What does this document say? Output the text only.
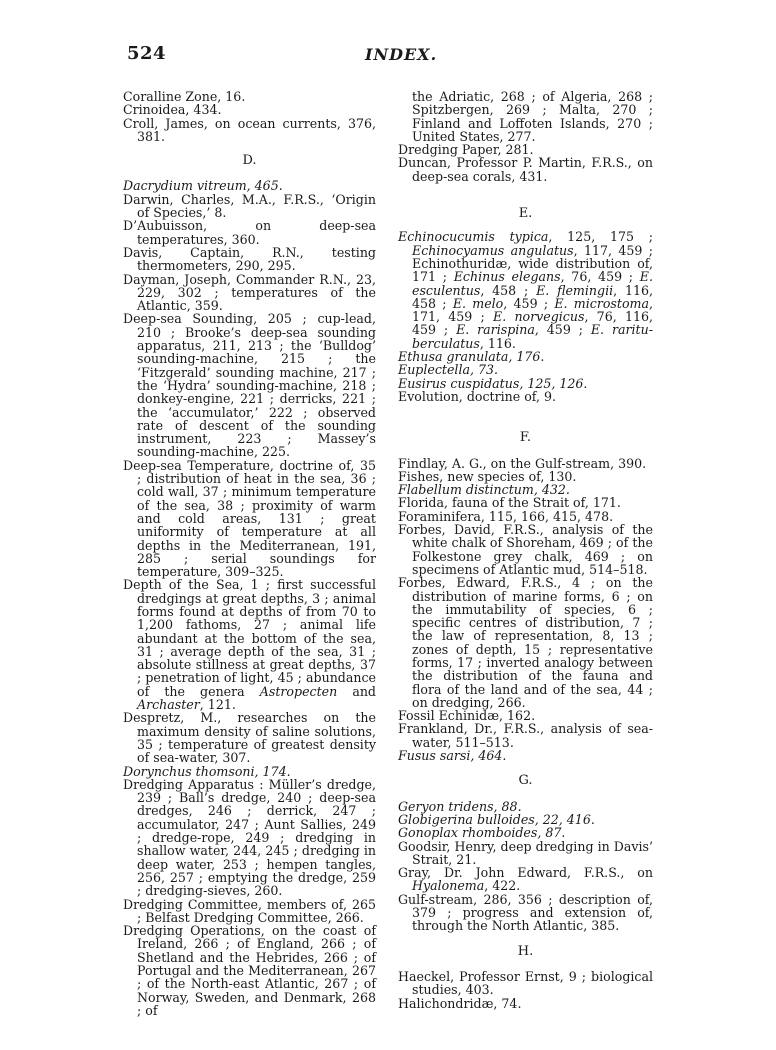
524	INDEX.

Coralline Zone, 16.

Crinoidea, 434.

Croll, James, on ocean currents, 376, 381.

D.

Dacrydium vitreum, 465.

Darwin, Charles, M.A., F.R.S., ‘Origin of Species,’ 8.

D’Aubuisson, on deep-sea temperatures, 360.

Davis, Captain, R.N., testing thermometers, 290, 295.

Dayman, Joseph, Commander R.N., 23, 229, 302 ; temperatures of the Atlantic, 359.

Deep-sea Sounding, 205 ; cup-lead, 210 ; Brooke’s deep-sea sounding apparatus, 211, 213 ; the ‘Bulldog’ sounding-machine, 215 ; the ‘Fitzgerald’ sounding machine, 217 ; the ‘Hydra’ sounding-machine, 218 ; donkey-engine, 221 ; derricks, 221 ; the ‘accumulator,’ 222 ; observed rate of descent of the sounding instrument, 223 ; Massey’s sounding-machine, 225.

Deep-sea Temperature, doctrine of, 35 ; distribution of heat in the sea, 36 ; cold wall, 37 ; minimum temperature of the sea, 38 ; proximity of warm and cold areas, 131 ; great uniformity of temperature at all depths in the Mediterranean, 191, 285 ; serial soundings for temperature, 309–325.

Depth of the Sea, 1 ; first successful dredgings at great depths, 3 ; animal forms found at depths of from 70 to 1,200 fathoms, 27 ; animal life abundant at the bottom of the sea, 31 ; average depth of the sea, 31 ; absolute stillness at great depths, 37 ; penetration of light, 45 ; abundance of the genera Astropecten and Archaster, 121.

Despretz, M., researches on the maximum density of saline solutions, 35 ; temperature of greatest density of sea-water, 307.

Dorynchus thomsoni, 174.

Dredging Apparatus : Müller’s dredge, 239 ; Ball’s dredge, 240 ; deep-sea dredges, 246 ; derrick, 247 ; accumulator, 247 ; Aunt Sallies, 249 ; dredge-rope, 249 ; dredging in shallow water, 244, 245 ; dredging in deep water, 253 ; hempen tangles, 256, 257 ; emptying the dredge, 259 ; dredging-sieves, 260.

Dredging Committee, members of, 265 ; Belfast Dredging Committee, 266.

Dredging Operations, on the coast of Ireland, 266 ; of England, 266 ; of Shetland and the Hebrides, 266 ; of Portugal and the Mediterranean, 267 ; of the North-east Atlantic, 267 ; of Norway, Sweden, and Denmark, 268 ; of

the Adriatic, 268 ; of Algeria, 268 ; Spitzbergen, 269 ; Malta, 270 ; Finland and Loffoten Islands, 270 ; United States, 277.

Dredging Paper, 281.

Duncan, Professor P. Martin, F.R.S., on deep-sea corals, 431.

E.

Echinocucumis typica, 125, 175 ; Echinocyamus angulatus, 117, 459 ; Echinothuridæ, wide distribution of, 171 ; Echinus elegans, 76, 459 ; E. esculentus, 458 ; E. flemingii, 116, 458 ; E. melo, 459 ; E. microstoma, 171, 459 ; E. norvegicus, 76, 116, 459 ; E. rarispina, 459 ; E. rarituberculatus, 116.

Ethusa granulata, 176.

Euplectella, 73.

Eusirus cuspidatus, 125, 126.

Evolution, doctrine of, 9.

F.

Findlay, A. G., on the Gulf-stream, 390.

Fishes, new species of, 130.

Flabellum distinctum, 432.

Florida, fauna of the Strait of, 171.

Foraminifera, 115, 166, 415, 478.

Forbes, David, F.R.S., analysis of the white chalk of Shoreham, 469 ; of the Folkestone grey chalk, 469 ; on specimens of Atlantic mud, 514–518.

Forbes, Edward, F.R.S., 4 ; on the distribution of marine forms, 6 ; on the immutability of species, 6 ; specific centres of distribution, 7 ; the law of representation, 8, 13 ; zones of depth, 15 ; representative forms, 17 ; inverted analogy between the distribution of the fauna and flora of the land and of the sea, 44 ; on dredging, 266.

Fossil Echinidæ, 162.

Frankland, Dr., F.R.S., analysis of sea-water, 511–513.

Fusus sarsi, 464.

G.

Geryon tridens, 88.

Globigerina bulloides, 22, 416.

Gonoplax rhomboides, 87.

Goodsir, Henry, deep dredging in Davis’ Strait, 21.

Gray, Dr. John Edward, F.R.S., on Hyalonema, 422.

Gulf-stream, 286, 356 ; description of, 379 ; progress and extension of, through the North Atlantic, 385.

H.

Haeckel, Professor Ernst, 9 ; biological studies, 403.

Halichondridæ, 74.
